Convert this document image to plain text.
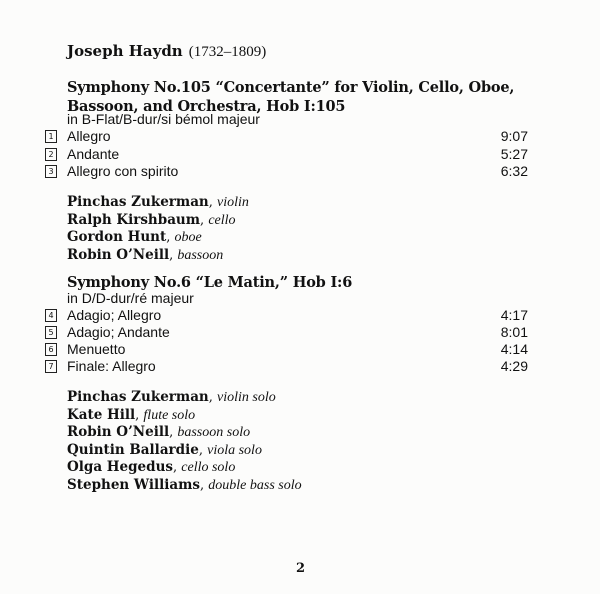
Joseph Haydn (1732–1809)
Symphony No.105 “Concertante” for Violin, Cello, Oboe, Bassoon, and Orchestra, Hob I:105
in B-Flat/B-dur/si bémol majeur
1 Allegro	9:07
2 Andante	5:27
3 Allegro con spirito	6:32
Pinchas Zukerman, violin
Ralph Kirshbaum, cello
Gordon Hunt, oboe
Robin O’Neill, bassoon
Symphony No.6 “Le Matin,” Hob I:6
in D/D-dur/ré majeur
4 Adagio; Allegro	4:17
5 Adagio; Andante	8:01
6 Menuetto	4:14
7 Finale: Allegro	4:29
Pinchas Zukerman, violin solo
Kate Hill, flute solo
Robin O’Neill, bassoon solo
Quintin Ballardie, viola solo
Olga Hegedus, cello solo
Stephen Williams, double bass solo
2
